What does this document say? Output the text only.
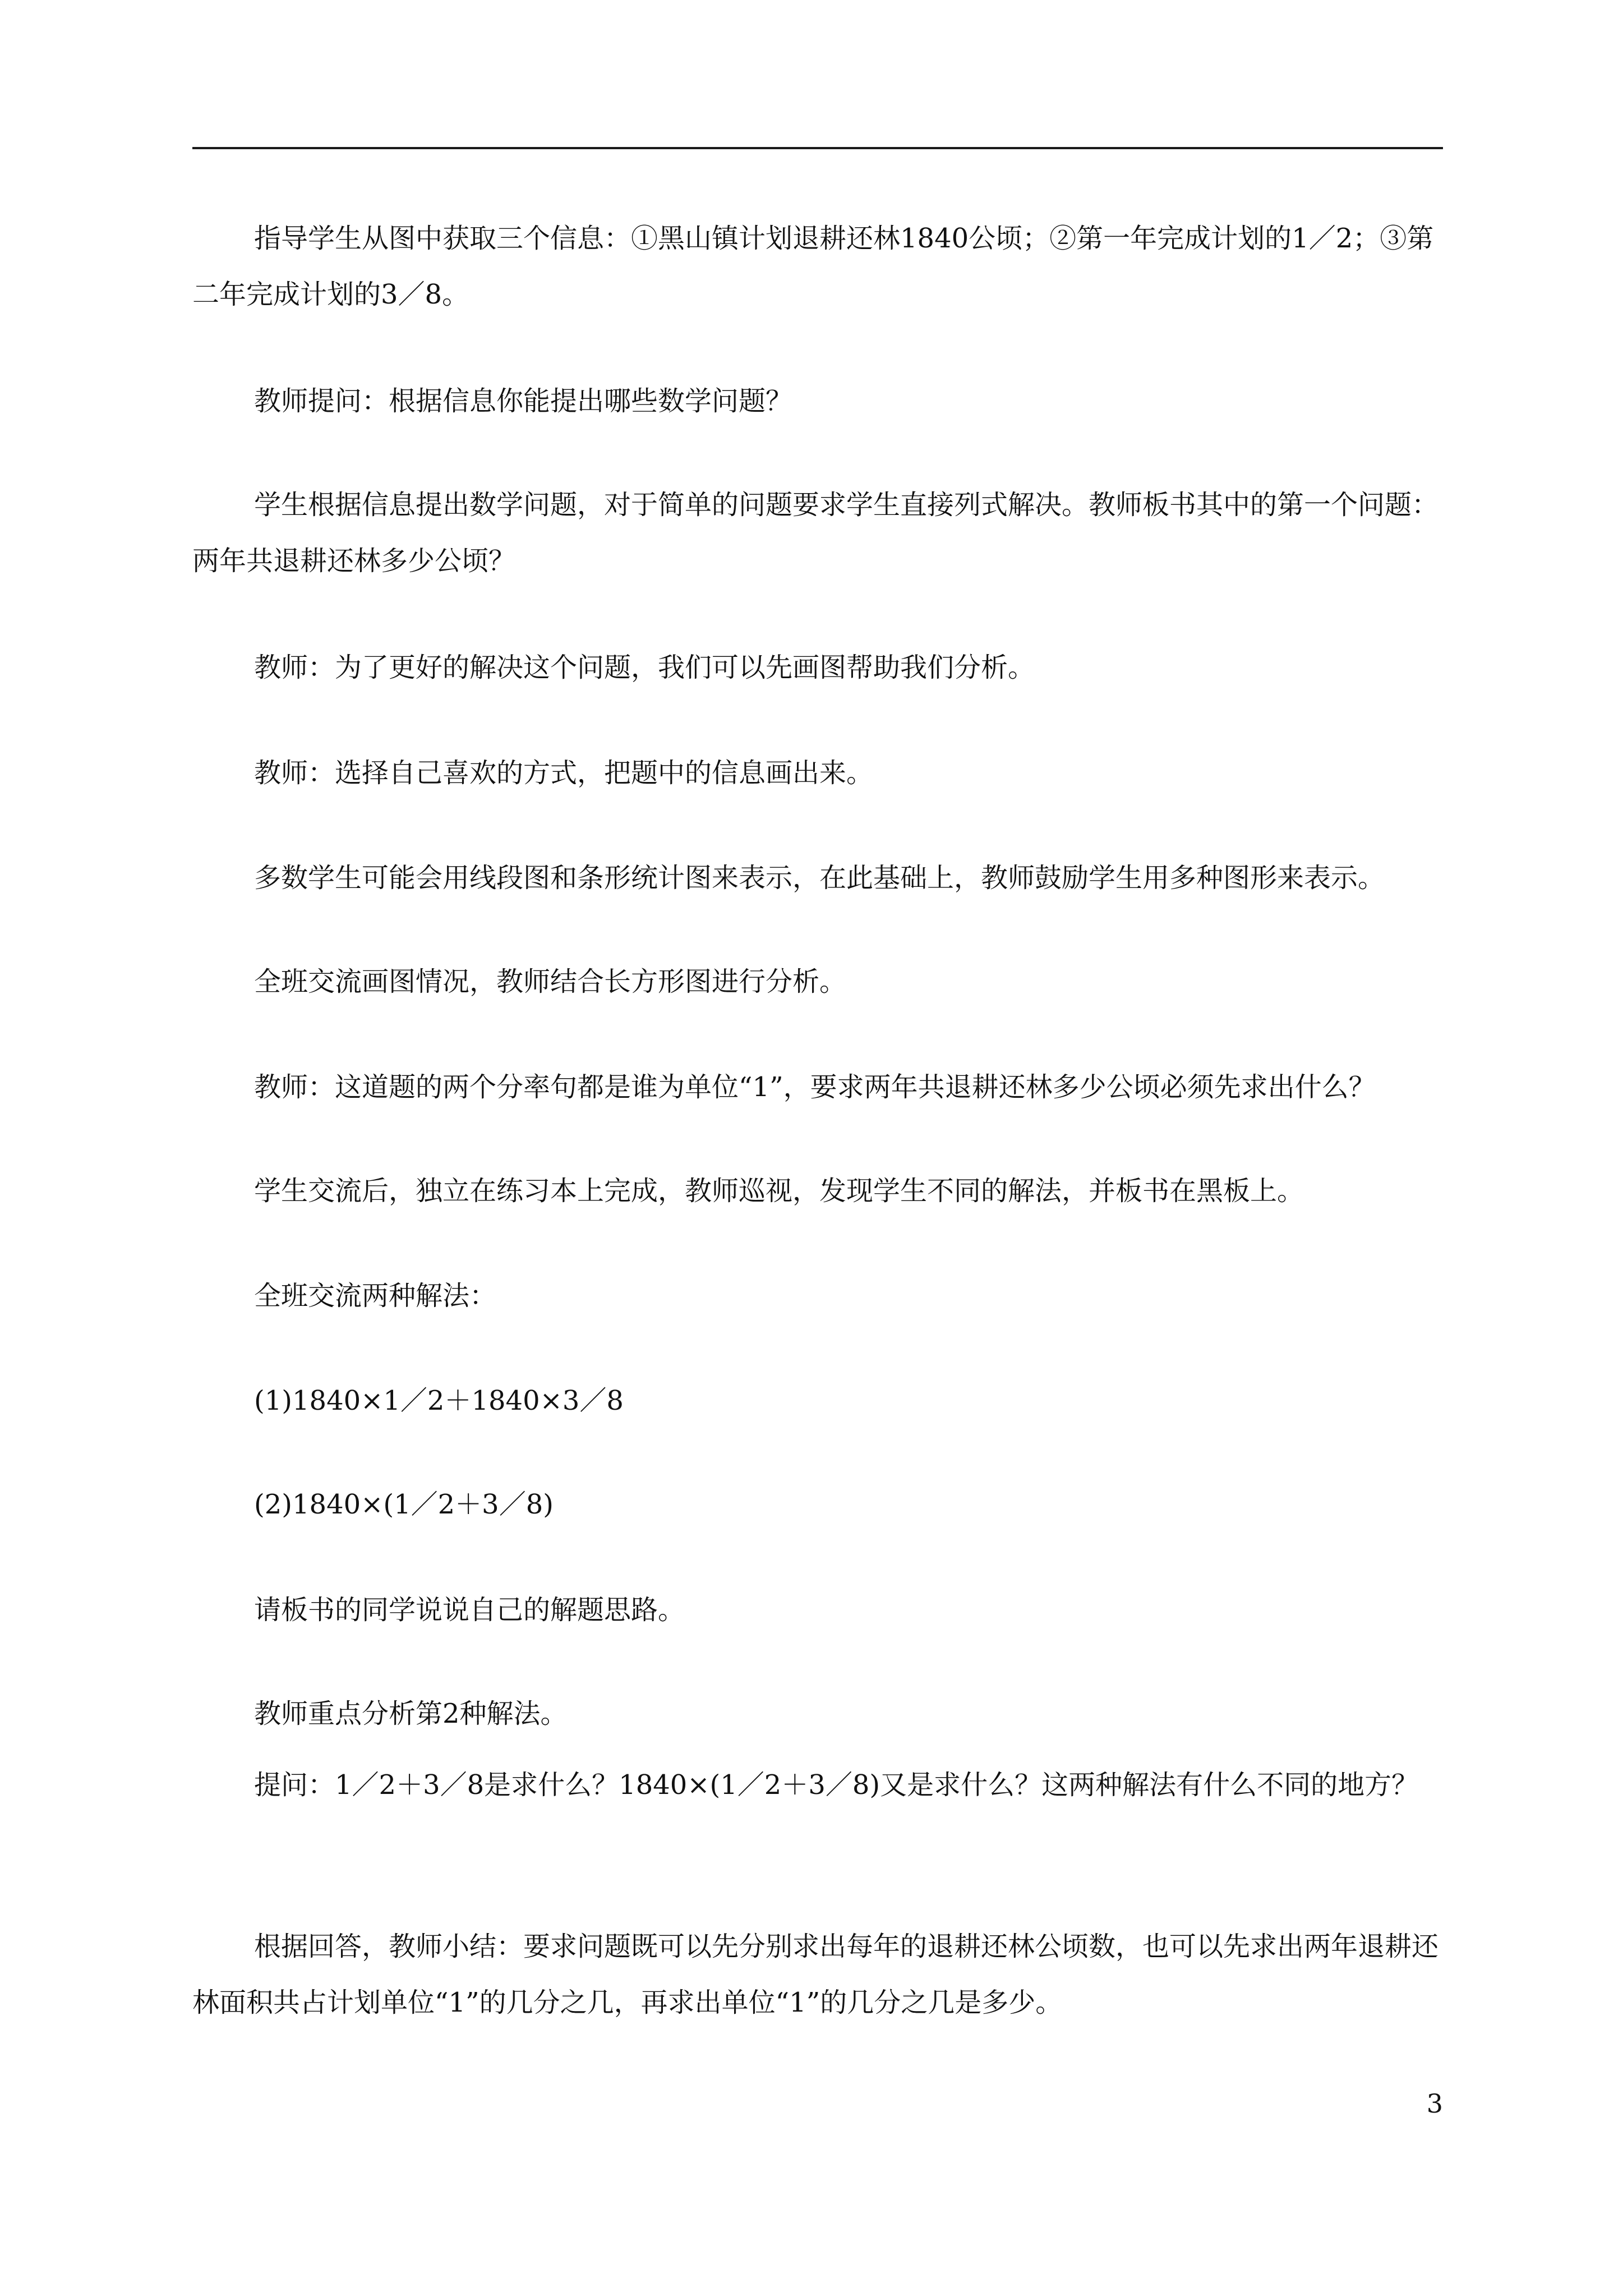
指导学生从图中获取三个信息：①黑山镇计划退耕还林1840公顷；②第一年完成计划的1／2；③第二年完成计划的3／8。
教师提问：根据信息你能提出哪些数学问题？
学生根据信息提出数学问题，对于简单的问题要求学生直接列式解决。教师板书其中的第一个问题：两年共退耕还林多少公顷？
教师：为了更好的解决这个问题，我们可以先画图帮助我们分析。
教师：选择自己喜欢的方式，把题中的信息画出来。
多数学生可能会用线段图和条形统计图来表示，在此基础上，教师鼓励学生用多种图形来表示。
全班交流画图情况，教师结合长方形图进行分析。
教师：这道题的两个分率句都是谁为单位“1”，要求两年共退耕还林多少公顷必须先求出什么？
学生交流后，独立在练习本上完成，教师巡视，发现学生不同的解法，并板书在黑板上。
全班交流两种解法：
(1)1840×1／2＋1840×3／8
(2)1840×(1／2＋3／8)
请板书的同学说说自己的解题思路。
教师重点分析第2种解法。
提问：1／2＋3／8是求什么？1840×(1／2＋3／8)又是求什么？这两种解法有什么不同的地方？
根据回答，教师小结：要求问题既可以先分别求出每年的退耕还林公顷数，也可以先求出两年退耕还林面积共占计划单位“1”的几分之几，再求出单位“1”的几分之几是多少。
3
